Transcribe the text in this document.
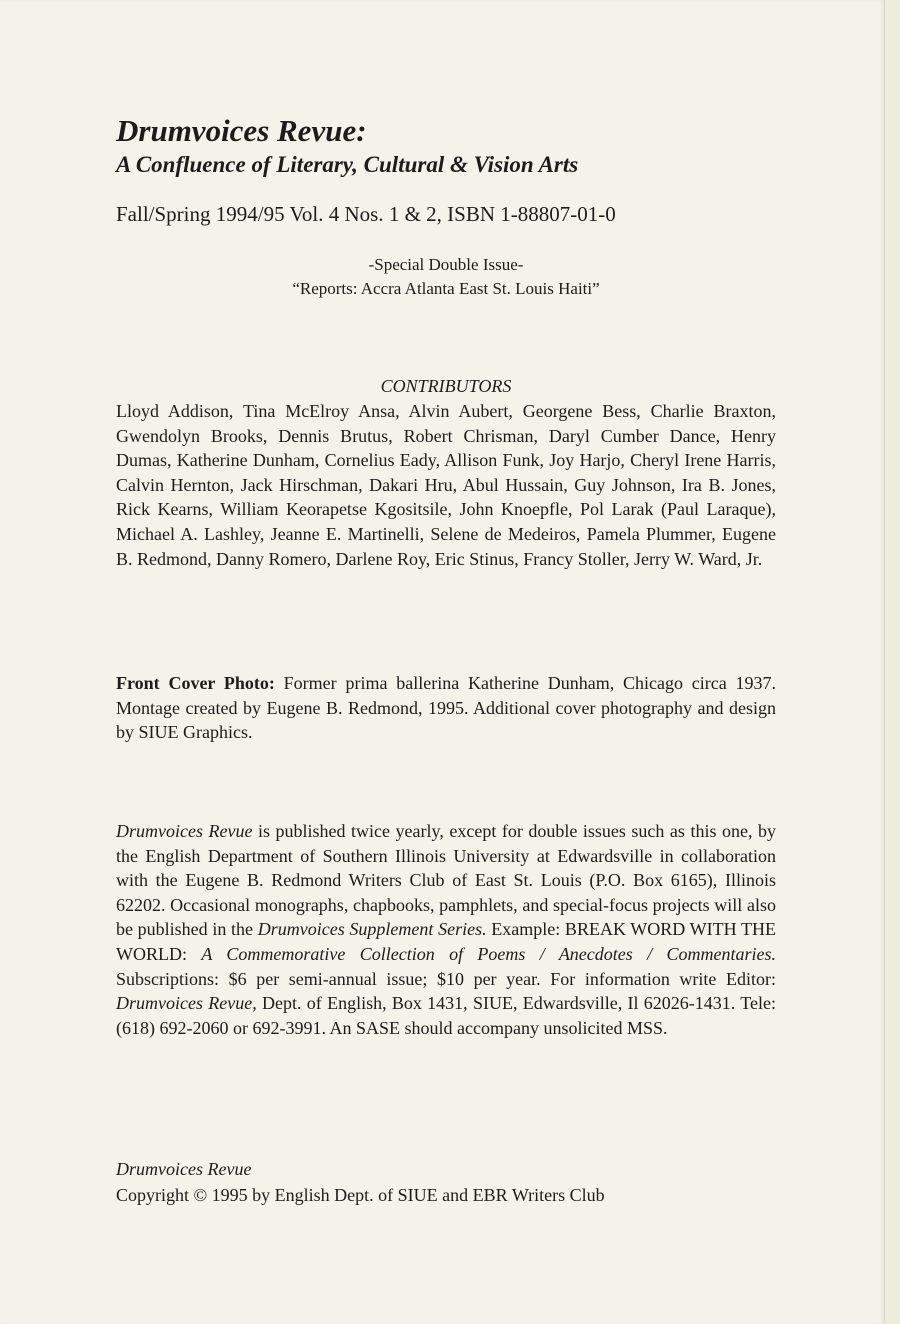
Drumvoices Revue:
A Confluence of Literary, Cultural & Vision Arts
Fall/Spring 1994/95 Vol. 4 Nos. 1 & 2, ISBN 1-88807-01-0
-Special Double Issue-
“Reports: Accra Atlanta East St. Louis Haiti”
CONTRIBUTORS

Lloyd Addison, Tina McElroy Ansa, Alvin Aubert, Georgene Bess, Charlie Braxton, Gwendolyn Brooks, Dennis Brutus, Robert Chrisman, Daryl Cumber Dance, Henry Dumas, Katherine Dunham, Cornelius Eady, Allison Funk, Joy Harjo, Cheryl Irene Harris, Calvin Hernton, Jack Hirschman, Dakari Hru, Abul Hussain, Guy Johnson, Ira B. Jones, Rick Kearns, William Keorapetse Kgositsile, John Knoepfle, Pol Larak (Paul Laraque), Michael A. Lashley, Jeanne E. Martinelli, Selene de Medeiros, Pamela Plummer, Eugene B. Redmond, Danny Romero, Darlene Roy, Eric Stinus, Francy Stoller, Jerry W. Ward, Jr.

Front Cover Photo: Former prima ballerina Katherine Dunham, Chicago circa 1937. Montage created by Eugene B. Redmond, 1995. Additional cover photography and design by SIUE Graphics.

Drumvoices Revue is published twice yearly, except for double issues such as this one, by the English Department of Southern Illinois University at Edwardsville in collaboration with the Eugene B. Redmond Writers Club of East St. Louis (P.O. Box 6165), Illinois 62202. Occasional monographs, chapbooks, pamphlets, and special-focus projects will also be published in the Drumvoices Supplement Series. Example: BREAK WORD WITH THE WORLD: A Commemorative Collection of Poems / Anecdotes / Commentaries. Subscriptions: $6 per semi-annual issue; $10 per year. For information write Editor: Drumvoices Revue, Dept. of English, Box 1431, SIUE, Edwardsville, Il 62026-1431. Tele: (618) 692-2060 or 692-3991. An SASE should accompany unsolicited MSS.

Drumvoices Revue
Copyright © 1995 by English Dept. of SIUE and EBR Writers Club
